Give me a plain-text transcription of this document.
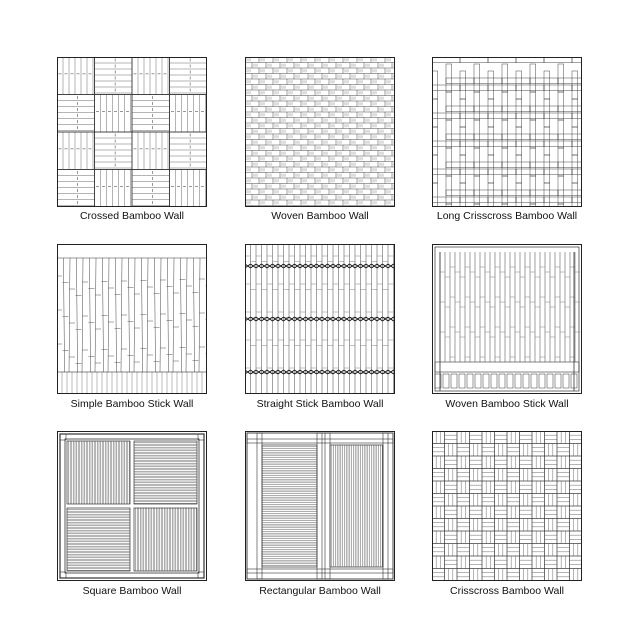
Crossed Bamboo Wall	Woven Bamboo Wall	Long Crisscross Bamboo Wall
Simple Bamboo Stick Wall	Straight Stick Bamboo Wall	Woven Bamboo Stick Wall
Square Bamboo Wall	Rectangular Bamboo Wall	Crisscross Bamboo Wall
